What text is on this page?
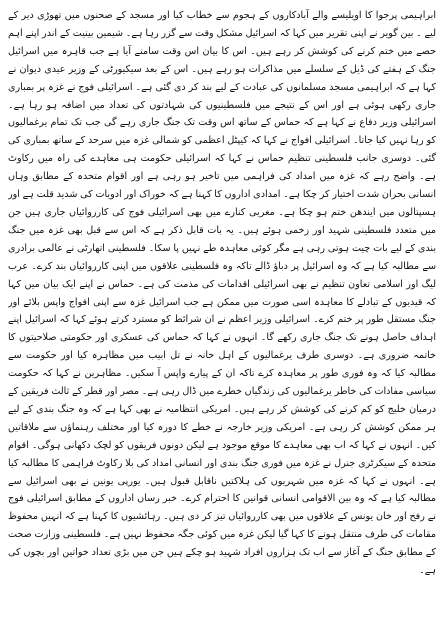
ابراہیمی پرجوا کا اویلیسے والے آبادکاروں کے ہجوم سے خطاب کیا اور مسجد کے صحنوں میں تھوڑی دیر کے لیے ۔ بین گویر نے اپنی تقریر میں کہا کہ اسرائیل مشکل وقت سے گزر رہا ہے۔ شیمین بینیت کے اندر اپنے اہم حصے میں ختم کرنے کی کوشش کر رہے ہیں۔ اس کا بیان اس وقت سامنے آیا ہے جب قاہرہ میں اسرائیل جنگ کے ہفتے کی ڈیل کے سلسلے میں مذاکرات ہو رہے ہیں۔ اس کے بعد سیکیورٹی کے وزیر عیدی دیوان نے کہا ہے کہ ابراہیمی مسجد مسلمانوں کی عبادت کے لیے بند کر دی گئی ہے۔ اسرائیلی فوج نے غزہ پر بمباری جاری رکھی ہوئی ہے اور اس کے نتیجے میں فلسطینیوں کی شہادتوں کی تعداد میں اضافہ ہو رہا ہے۔ اسرائیلی وزیر دفاع نے کہا ہے کہ حماس کے ساتھ اس وقت تک جنگ جاری رہے گی جب تک تمام یرغمالیوں کو رہا نہیں کیا جاتا۔ اسرائیلی افواج نے کہا کہ کیپٹل اعظمی کو شمالی غزہ میں سرحد کے ساتھ بمباری کی گئی۔ دوسری جانب فلسطینی تنظیم حماس نے کہا کہ اسرائیلی حکومت ہی معاہدے کی راہ میں رکاوٹ ہے۔ واضح رہے کہ غزہ میں امداد کی فراہمی میں تاخیر ہو رہی ہے اور اقوام متحدہ کے مطابق وہاں انسانی بحران شدت اختیار کر چکا ہے۔ امدادی اداروں کا کہنا ہے کہ خوراک اور ادویات کی شدید قلت ہے اور ہسپتالوں میں ایندھن ختم ہو چکا ہے۔ مغربی کنارے میں بھی اسرائیلی فوج کی کارروائیاں جاری ہیں جن میں متعدد فلسطینی شہید اور زخمی ہوئے ہیں۔ یہ بات قابل ذکر ہے کہ اس سے قبل بھی غزہ میں جنگ بندی کے لیے بات چیت ہوتی رہی ہے مگر کوئی معاہدہ طے نہیں پا سکا۔ فلسطینی اتھارٹی نے عالمی برادری سے مطالبہ کیا ہے کہ وہ اسرائیل پر دباؤ ڈالے تاکہ وہ فلسطینی علاقوں میں اپنی کارروائیاں بند کرے۔ عرب لیگ اور اسلامی تعاون تنظیم نے بھی اسرائیلی اقدامات کی مذمت کی ہے۔ حماس نے اپنے ایک بیان میں کہا کہ قیدیوں کے تبادلے کا معاہدہ اسی صورت میں ممکن ہے جب اسرائیل غزہ سے اپنی افواج واپس بلائے اور جنگ مستقل طور پر ختم کرے۔ اسرائیلی وزیر اعظم نے ان شرائط کو مسترد کرتے ہوئے کہا کہ اسرائیل اپنے اہداف حاصل ہونے تک جنگ جاری رکھے گا۔ انہوں نے کہا کہ حماس کی عسکری اور حکومتی صلاحیتوں کا خاتمہ ضروری ہے۔ دوسری طرف یرغمالیوں کے اہل خانہ نے تل ابیب میں مظاہرہ کیا اور حکومت سے مطالبہ کیا کہ وہ فوری طور پر معاہدہ کرے تاکہ ان کے پیارے واپس آ سکیں۔ مظاہرین نے کہا کہ حکومت سیاسی مفادات کی خاطر یرغمالیوں کی زندگیاں خطرے میں ڈال رہی ہے۔ مصر اور قطر کے ثالث فریقین کے درمیان خلیج کو کم کرنے کی کوشش کر رہے ہیں۔ امریکی انتظامیہ نے بھی کہا ہے کہ وہ جنگ بندی کے لیے ہر ممکن کوشش کر رہی ہے۔ امریکی وزیر خارجہ نے خطے کا دورہ کیا اور مختلف رہنماؤں سے ملاقاتیں کیں۔ انہوں نے کہا کہ اب بھی معاہدے کا موقع موجود ہے لیکن دونوں فریقوں کو لچک دکھانی ہوگی۔ اقوام متحدہ کے سیکرٹری جنرل نے غزہ میں فوری جنگ بندی اور انسانی امداد کی بلا رکاوٹ فراہمی کا مطالبہ کیا ہے۔ انہوں نے کہا کہ غزہ میں شہریوں کی ہلاکتیں ناقابل قبول ہیں۔ یورپی یونین نے بھی اسرائیل سے مطالبہ کیا ہے کہ وہ بین الاقوامی انسانی قوانین کا احترام کرے۔ خبر رساں اداروں کے مطابق اسرائیلی فوج نے رفح اور خان یونس کے علاقوں میں بھی کارروائیاں تیز کر دی ہیں۔ رہائشیوں کا کہنا ہے کہ انہیں محفوظ مقامات کی طرف منتقل ہونے کا کہا گیا لیکن غزہ میں کوئی جگہ محفوظ نہیں ہے۔ فلسطینی وزارت صحت کے مطابق جنگ کے آغاز سے اب تک ہزاروں افراد شہید ہو چکے ہیں جن میں بڑی تعداد خواتین اور بچوں کی ہے۔
